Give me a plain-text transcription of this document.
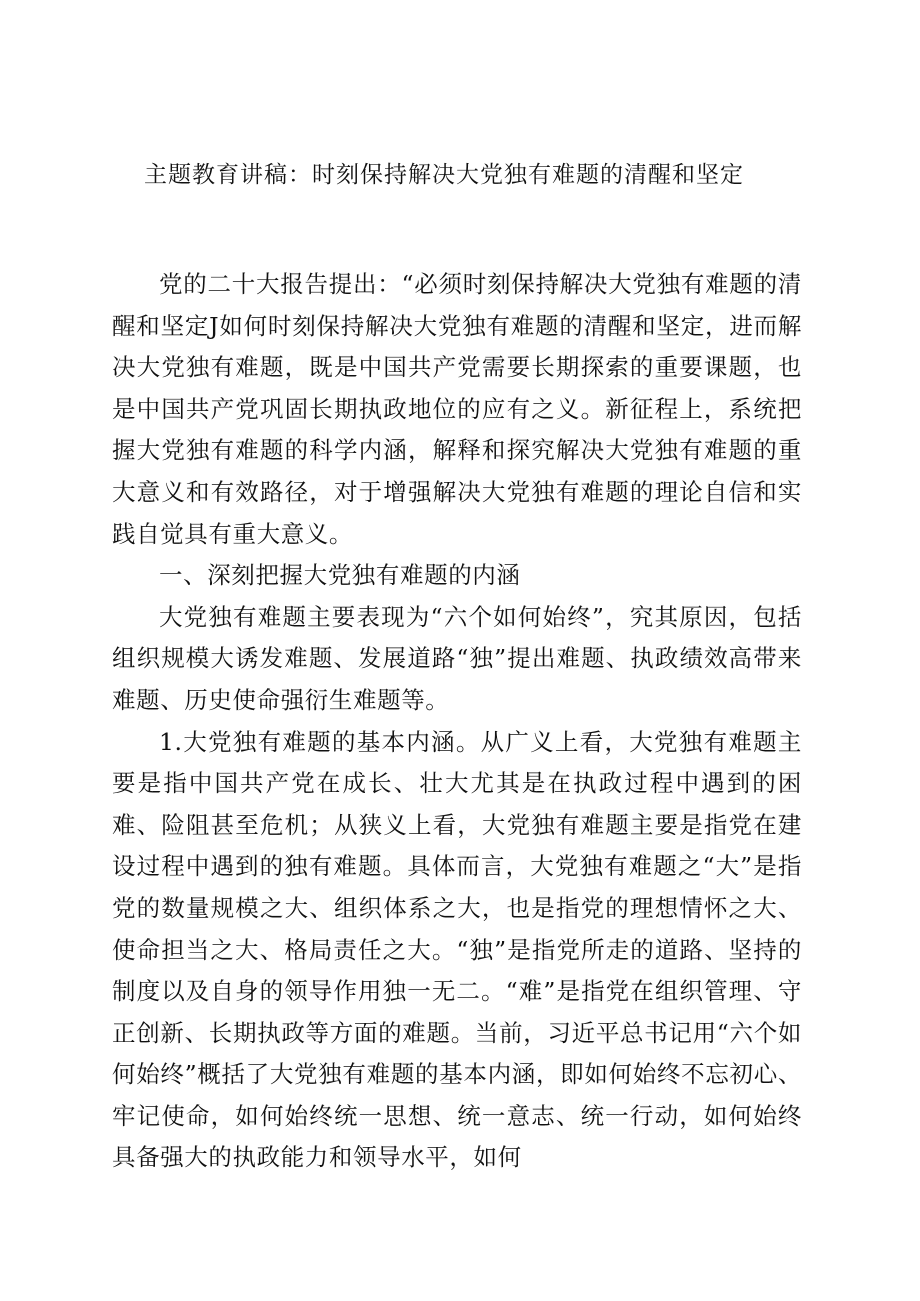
主题教育讲稿：时刻保持解决大党独有难题的清醒和坚定

党的二十大报告提出：“必须时刻保持解决大党独有难题的清醒和坚定J如何时刻保持解决大党独有难题的清醒和坚定，进而解决大党独有难题，既是中国共产党需要长期探索的重要课题，也是中国共产党巩固长期执政地位的应有之义。新征程上，系统把握大党独有难题的科学内涵，解释和探究解决大党独有难题的重大意义和有效路径，对于增强解决大党独有难题的理论自信和实践自觉具有重大意义。

一、深刻把握大党独有难题的内涵

大党独有难题主要表现为“六个如何始终”，究其原因，包括组织规模大诱发难题、发展道路“独”提出难题、执政绩效高带来难题、历史使命强衍生难题等。

1.大党独有难题的基本内涵。从广义上看，大党独有难题主要是指中国共产党在成长、壮大尤其是在执政过程中遇到的困难、险阻甚至危机；从狭义上看，大党独有难题主要是指党在建设过程中遇到的独有难题。具体而言，大党独有难题之“大”是指党的数量规模之大、组织体系之大，也是指党的理想情怀之大、使命担当之大、格局责任之大。“独”是指党所走的道路、坚持的制度以及自身的领导作用独一无二。“难”是指党在组织管理、守正创新、长期执政等方面的难题。当前，习近平总书记用“六个如何始终”概括了大党独有难题的基本内涵，即如何始终不忘初心、牢记使命，如何始终统一思想、统一意志、统一行动，如何始终具备强大的执政能力和领导水平，如何
